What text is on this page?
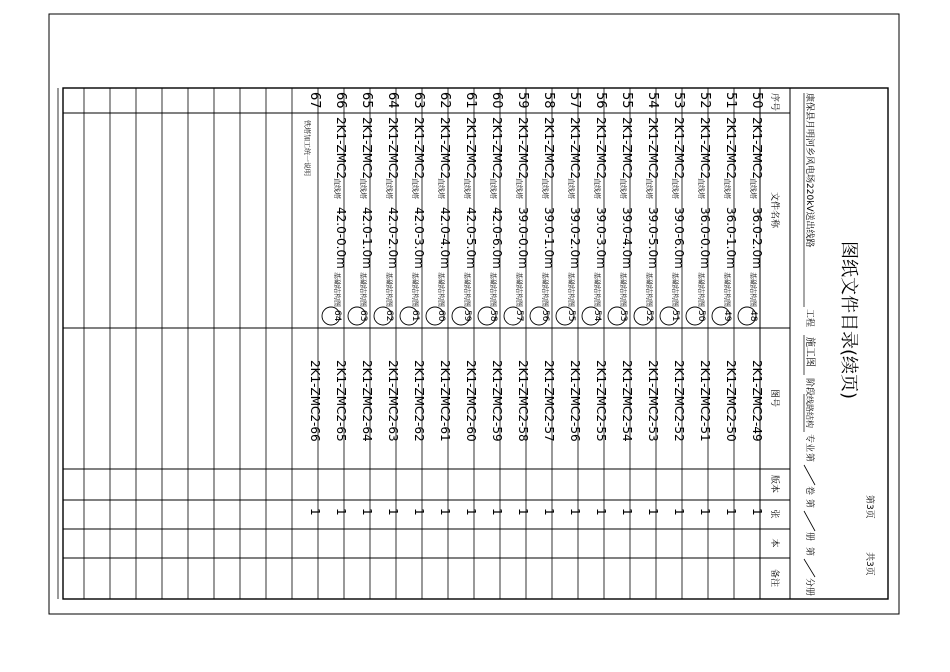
图纸文件目录(续页)
康保县月明河乡风电场220kV送出线路
工程
施工图
阶段
线路结构
专业
第
卷
第
册
第
分册
第3页
共3页
序号
文件名称
图号
版本
张
本
备注
50
2K1-ZMC2
直线塔
36.0-2.0m
基础结构图
48
2K1-ZMC2-49
1
51
2K1-ZMC2
直线塔
36.0-1.0m
基础结构图
49
2K1-ZMC2-50
1
52
2K1-ZMC2
直线塔
36.0-0.0m
基础结构图
50
2K1-ZMC2-51
1
53
2K1-ZMC2
直线塔
39.0-6.0m
基础结构图
51
2K1-ZMC2-52
1
54
2K1-ZMC2
直线塔
39.0-5.0m
基础结构图
52
2K1-ZMC2-53
1
55
2K1-ZMC2
直线塔
39.0-4.0m
基础结构图
53
2K1-ZMC2-54
1
56
2K1-ZMC2
直线塔
39.0-3.0m
基础结构图
54
2K1-ZMC2-55
1
57
2K1-ZMC2
直线塔
39.0-2.0m
基础结构图
55
2K1-ZMC2-56
1
58
2K1-ZMC2
直线塔
39.0-1.0m
基础结构图
56
2K1-ZMC2-57
1
59
2K1-ZMC2
直线塔
39.0-0.0m
基础结构图
57
2K1-ZMC2-58
1
60
2K1-ZMC2
直线塔
42.0-6.0m
基础结构图
58
2K1-ZMC2-59
1
61
2K1-ZMC2
直线塔
42.0-5.0m
基础结构图
59
2K1-ZMC2-60
1
62
2K1-ZMC2
直线塔
42.0-4.0m
基础结构图
60
2K1-ZMC2-61
1
63
2K1-ZMC2
直线塔
42.0-3.0m
基础结构图
61
2K1-ZMC2-62
1
64
2K1-ZMC2
直线塔
42.0-2.0m
基础结构图
62
2K1-ZMC2-63
1
65
2K1-ZMC2
直线塔
42.0-1.0m
基础结构图
63
2K1-ZMC2-64
1
66
2K1-ZMC2
直线塔
42.0-0.0m
基础结构图
64
2K1-ZMC2-65
1
67
铁塔加工统一说明
2K1-ZMC2-66
1
